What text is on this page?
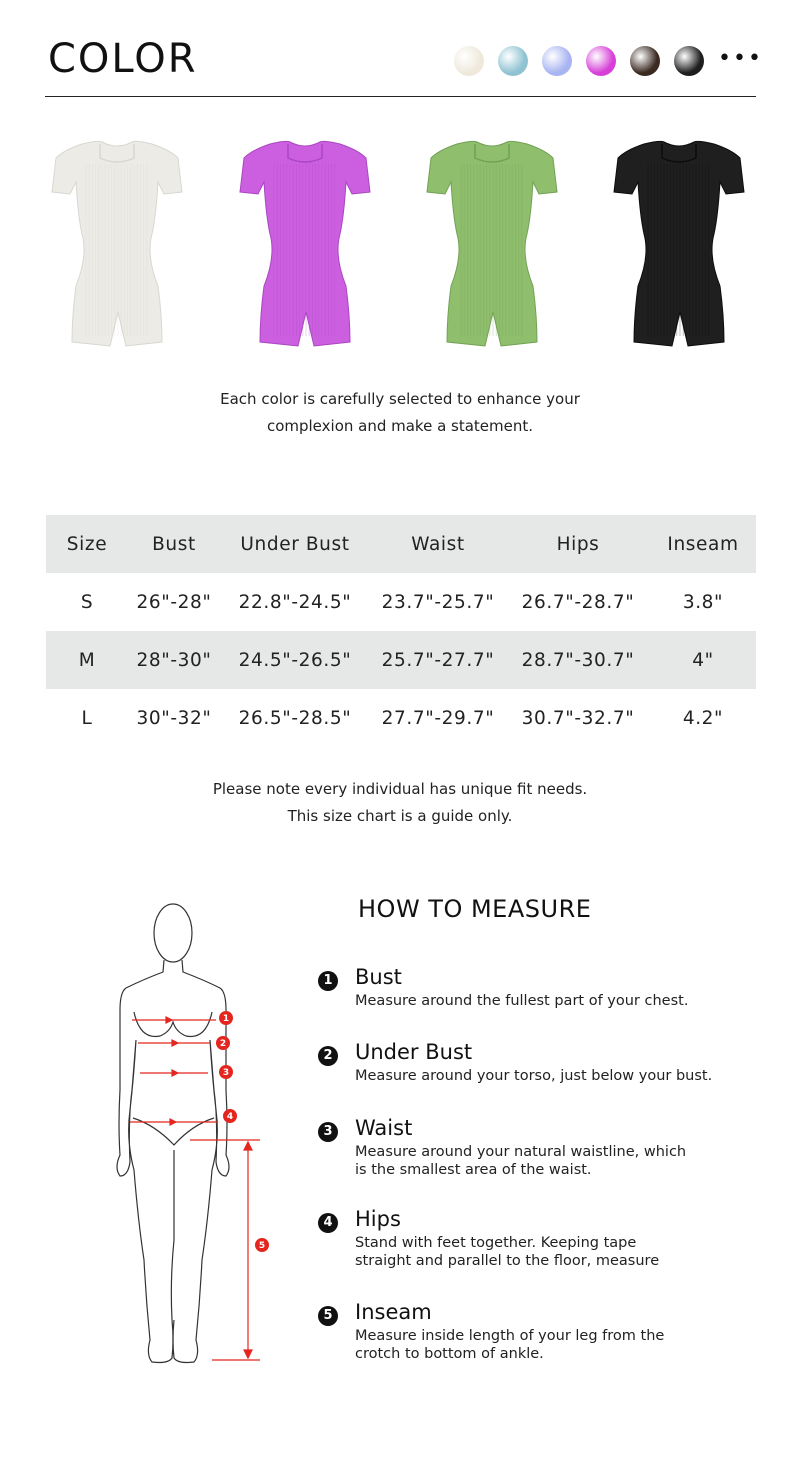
COLOR	•••
Each color is carefully selected to enhance your
complexion and make a statement.
Size	Bust	Under Bust	Waist	Hips	Inseam
S	26"-28"	22.8"-24.5"	23.7"-25.7"	26.7"-28.7"	3.8"
M	28"-30"	24.5"-26.5"	25.7"-27.7"	28.7"-30.7"	4"
L	30"-32"	26.5"-28.5"	27.7"-29.7"	30.7"-32.7"	4.2"
Please note every individual has unique fit needs.
This size chart is a guide only.
1
2
3
4
5
HOW TO MEASURE
1 Bust
Measure around the fullest part of your chest.
2 Under Bust
Measure around your torso, just below your bust.
3 Waist
Measure around your natural waistline, which is the smallest area of the waist.
4 Hips
Stand with feet together. Keeping tape straight and parallel to the floor, measure
5 Inseam
Measure inside length of your leg from the crotch to bottom of ankle.
